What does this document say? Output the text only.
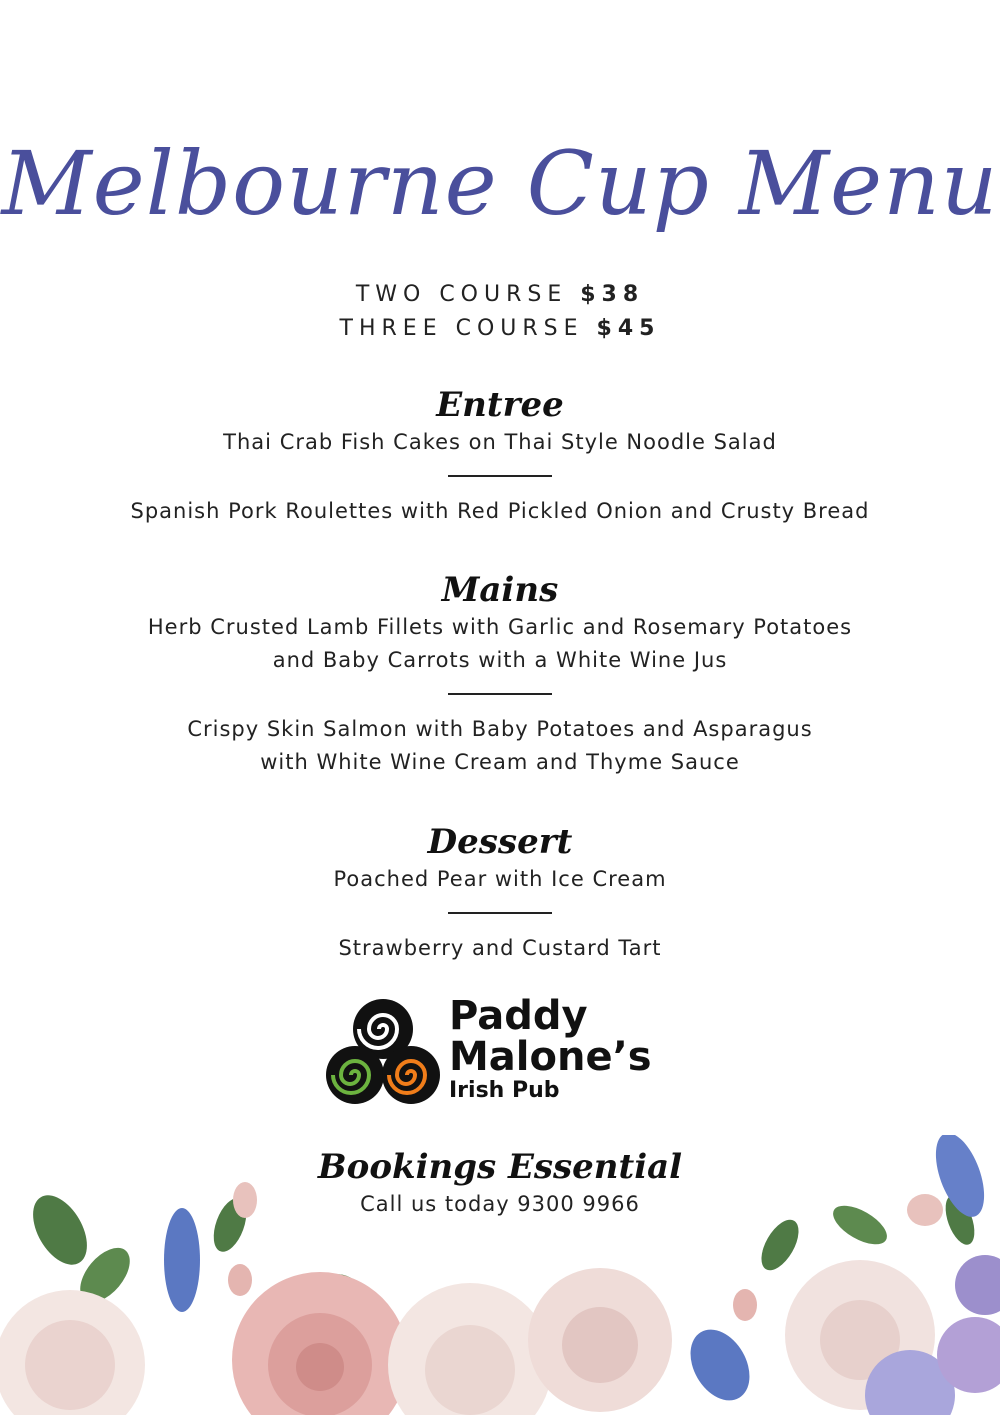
Melbourne Cup Menu
TWO COURSE $38
THREE COURSE $45
Entree
Thai Crab Fish Cakes on Thai Style Noodle Salad
Spanish Pork Roulettes with Red Pickled Onion and Crusty Bread
Mains
Herb Crusted Lamb Fillets with Garlic and Rosemary Potatoes
and Baby Carrots with a White Wine Jus
Crispy Skin Salmon with Baby Potatoes and Asparagus
with White Wine Cream and Thyme Sauce
Dessert
Poached Pear with Ice Cream
Strawberry and Custard Tart
Paddy
Malone’s
Irish Pub
Bookings Essential
Call us today 9300 9966
